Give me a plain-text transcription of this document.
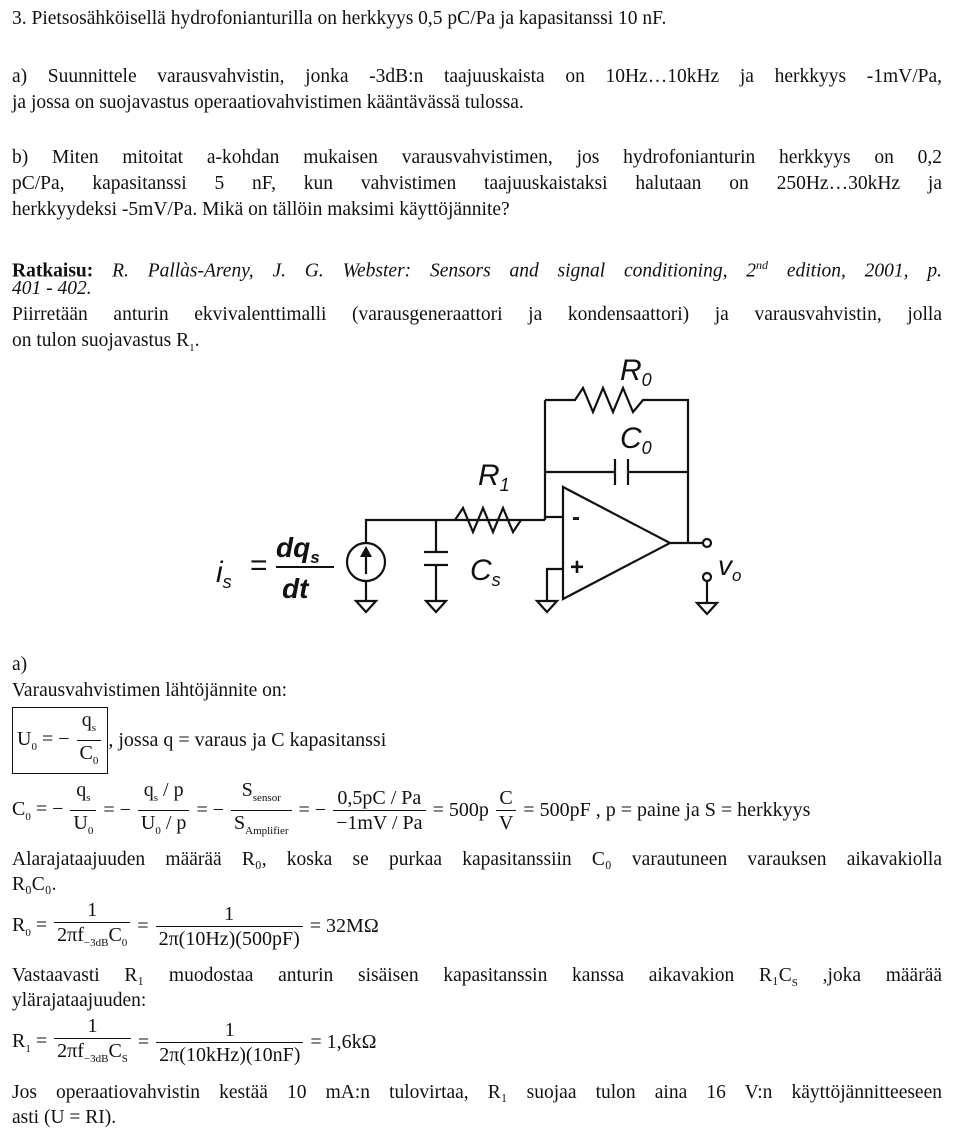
3. Pietsosähköisellä hydrofonianturilla on herkkyys 0,5 pC/Pa ja kapasitanssi 10 nF.

a) Suunnittele varausvahvistin, jonka -3dB:n taajuuskaista on 10Hz…10kHz ja herkkyys -1mV/Pa,

ja jossa on suojavastus operaatiovahvistimen kääntävässä tulossa.

b) Miten mitoitat a-kohdan mukaisen varausvahvistimen, jos hydrofonianturin herkkyys on 0,2

pC/Pa, kapasitanssi 5 nF, kun vahvistimen taajuuskaistaksi halutaan on 250Hz…30kHz ja

herkkyydeksi -5mV/Pa. Mikä on tällöin maksimi käyttöjännite?

Ratkaisu: R. Pallàs-Areny, J. G. Webster: Sensors and signal conditioning, 2nd edition, 2001, p.

401 - 402.

Piirretään anturin ekvivalenttimalli (varausgeneraattori ja kondensaattori) ja varausvahvistin, jolla

on tulon suojavastus $R_1$.

$i_s$ =
$dq_s$
dt
$R_0$
$C_0$
$R_1$
$C_s$
-
+	$v_o$

a)

Varausvahvistimen lähtöjännite on:

$U_0$ = − $\frac{q_s}{C_0}$ , jossa q = varaus ja C kapasitanssi
$C_0$ = − $\frac{q_s}{U_0}$ = − $\frac{q_s / p}{U_0 / p}$ = − $\frac{S_{sensor}}{S_{Amplifier}}$ = − $\frac{0,5pC / Pa}{-1mV / Pa} = 500p \frac{C}{V} = 500pF$ , p = paine ja S = herkkyys

Alarajataajuuden määrää R₀, koska se purkaa kapasitanssiin C₀ varautuneen varauksen aikavakiolla

R₀C₀.

$R_0 = \frac{1}{2\pi f_{-3dB}C_0} = \frac{1}{2\pi(10Hz)(500pF)} = 32M\Omega$

Vastaavasti R₁ muodostaa anturin sisäisen kapasitanssin kanssa aikavakion $R_1C_S$ ,joka määrää

ylärajataajuuden:

$R_1 = \frac{1}{2\pi f_{-3dB}C_S} = \frac{1}{\text{2π(10kHz)(10nF)}} = 1,6k\Omega$

Jos operaatiovahvistin kestää 10 mA:n tulovirtaa, R₁ suojaa tulon aina 16 V:n käyttöjännitteeseen

asti (U = RI).
